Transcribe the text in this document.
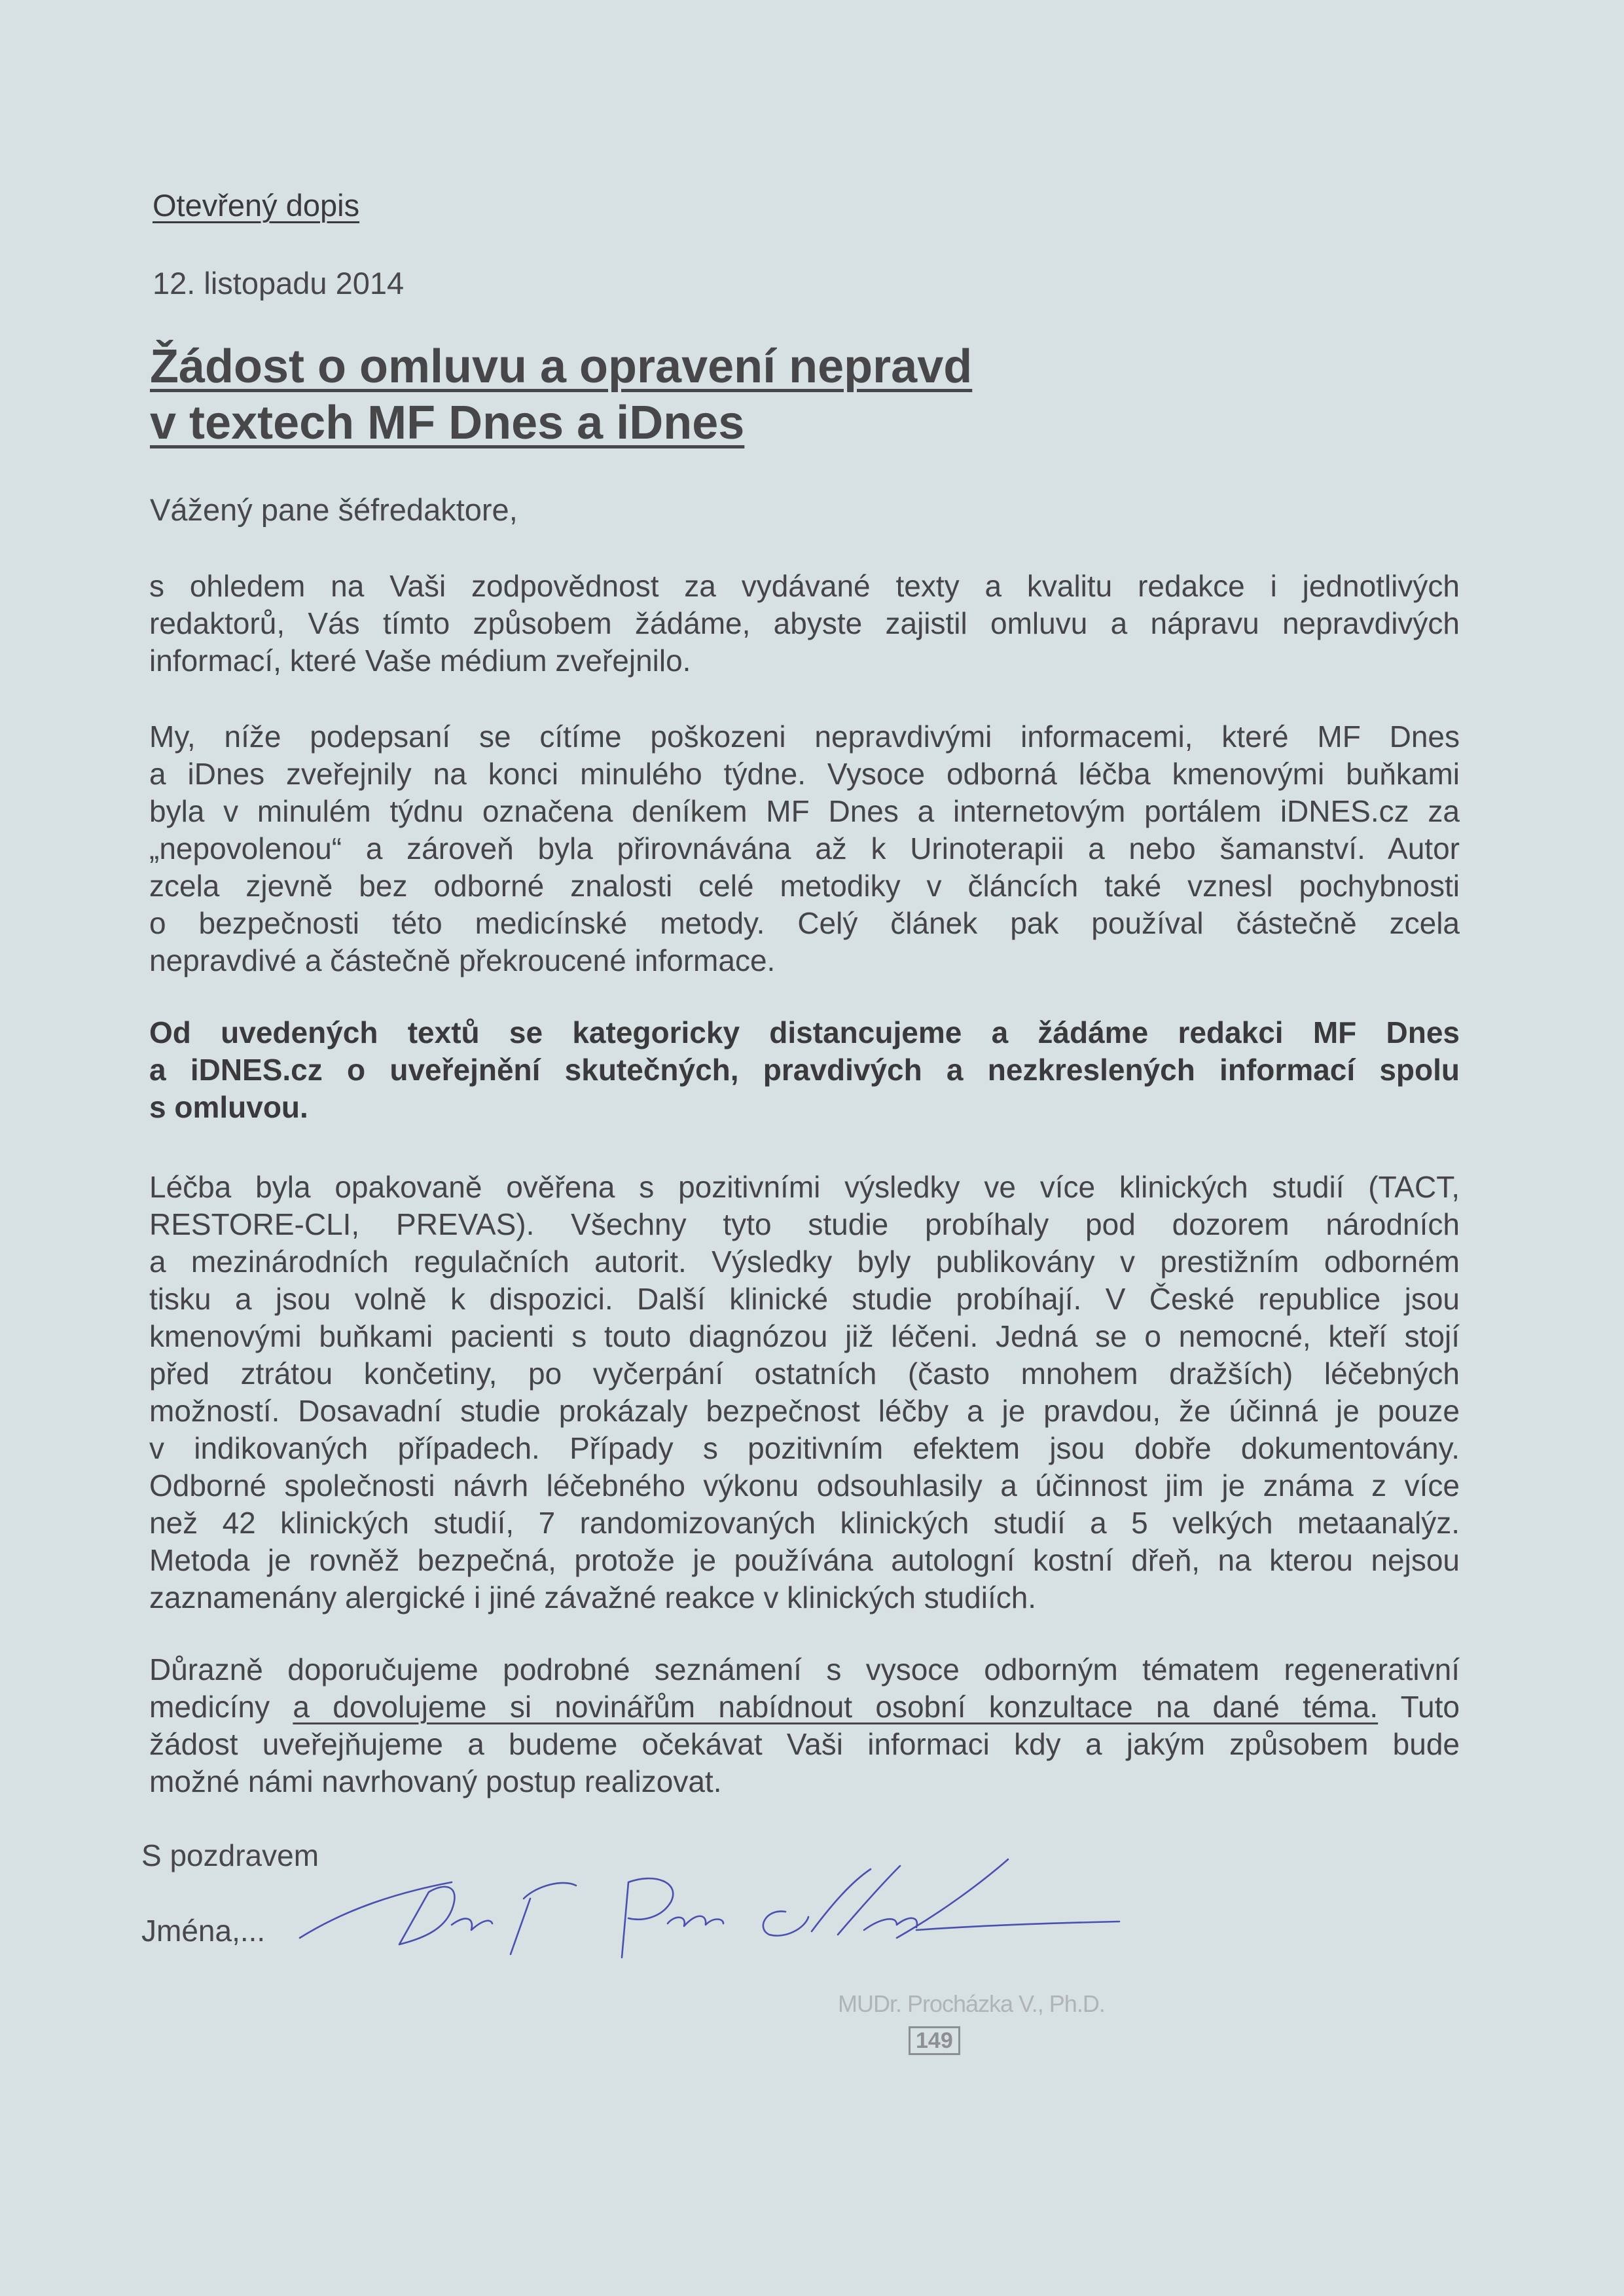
Otevřený dopis
12. listopadu 2014
Žádost o omluvu a opravení nepravd
v textech MF Dnes a iDnes
Vážený pane šéfredaktore,
s ohledem na Vaši zodpovědnost za vydávané texty a kvalitu redakce i jednotlivých
redaktorů, Vás tímto způsobem žádáme, abyste zajistil omluvu a nápravu nepravdivých
informací, které Vaše médium zveřejnilo.
My, níže podepsaní se cítíme poškozeni nepravdivými informacemi, které MF Dnes
a iDnes zveřejnily na konci minulého týdne. Vysoce odborná léčba kmenovými buňkami
byla v minulém týdnu označena deníkem MF Dnes a internetovým portálem iDNES.cz za
„nepovolenou“ a zároveň byla přirovnávána až k Urinoterapii a nebo šamanství. Autor
zcela zjevně bez odborné znalosti celé metodiky v článcích také vznesl pochybnosti
o bezpečnosti této medicínské metody. Celý článek pak používal částečně zcela
nepravdivé a částečně překroucené informace.
Od uvedených textů se kategoricky distancujeme a žádáme redakci MF Dnes
a iDNES.cz o uveřejnění skutečných, pravdivých a nezkreslených informací spolu
s omluvou.
Léčba byla opakovaně ověřena s pozitivními výsledky ve více klinických studií (TACT,
RESTORE-CLI, PREVAS). Všechny tyto studie probíhaly pod dozorem národních
a mezinárodních regulačních autorit. Výsledky byly publikovány v prestižním odborném
tisku a jsou volně k dispozici. Další klinické studie probíhají. V České republice jsou
kmenovými buňkami pacienti s touto diagnózou již léčeni. Jedná se o nemocné, kteří stojí
před ztrátou končetiny, po vyčerpání ostatních (často mnohem dražších) léčebných
možností. Dosavadní studie prokázaly bezpečnost léčby a je pravdou, že účinná je pouze
v indikovaných případech. Případy s pozitivním efektem jsou dobře dokumentovány.
Odborné společnosti návrh léčebného výkonu odsouhlasily a účinnost jim je známa z více
než 42 klinických studií, 7 randomizovaných klinických studií a 5 velkých metaanalýz.
Metoda je rovněž bezpečná, protože je používána autologní kostní dřeň, na kterou nejsou
zaznamenány alergické i jiné závažné reakce v klinických studiích.
Důrazně doporučujeme podrobné seznámení s vysoce odborným tématem regenerativní
medicíny a dovolujeme si novinářům nabídnout osobní konzultace na dané téma. Tuto
žádost uveřejňujeme a budeme očekávat Vaši informaci kdy a jakým způsobem bude
možné námi navrhovaný postup realizovat.
S pozdravem
Jména,...
MUDr. Procházka V., Ph.D.
149
